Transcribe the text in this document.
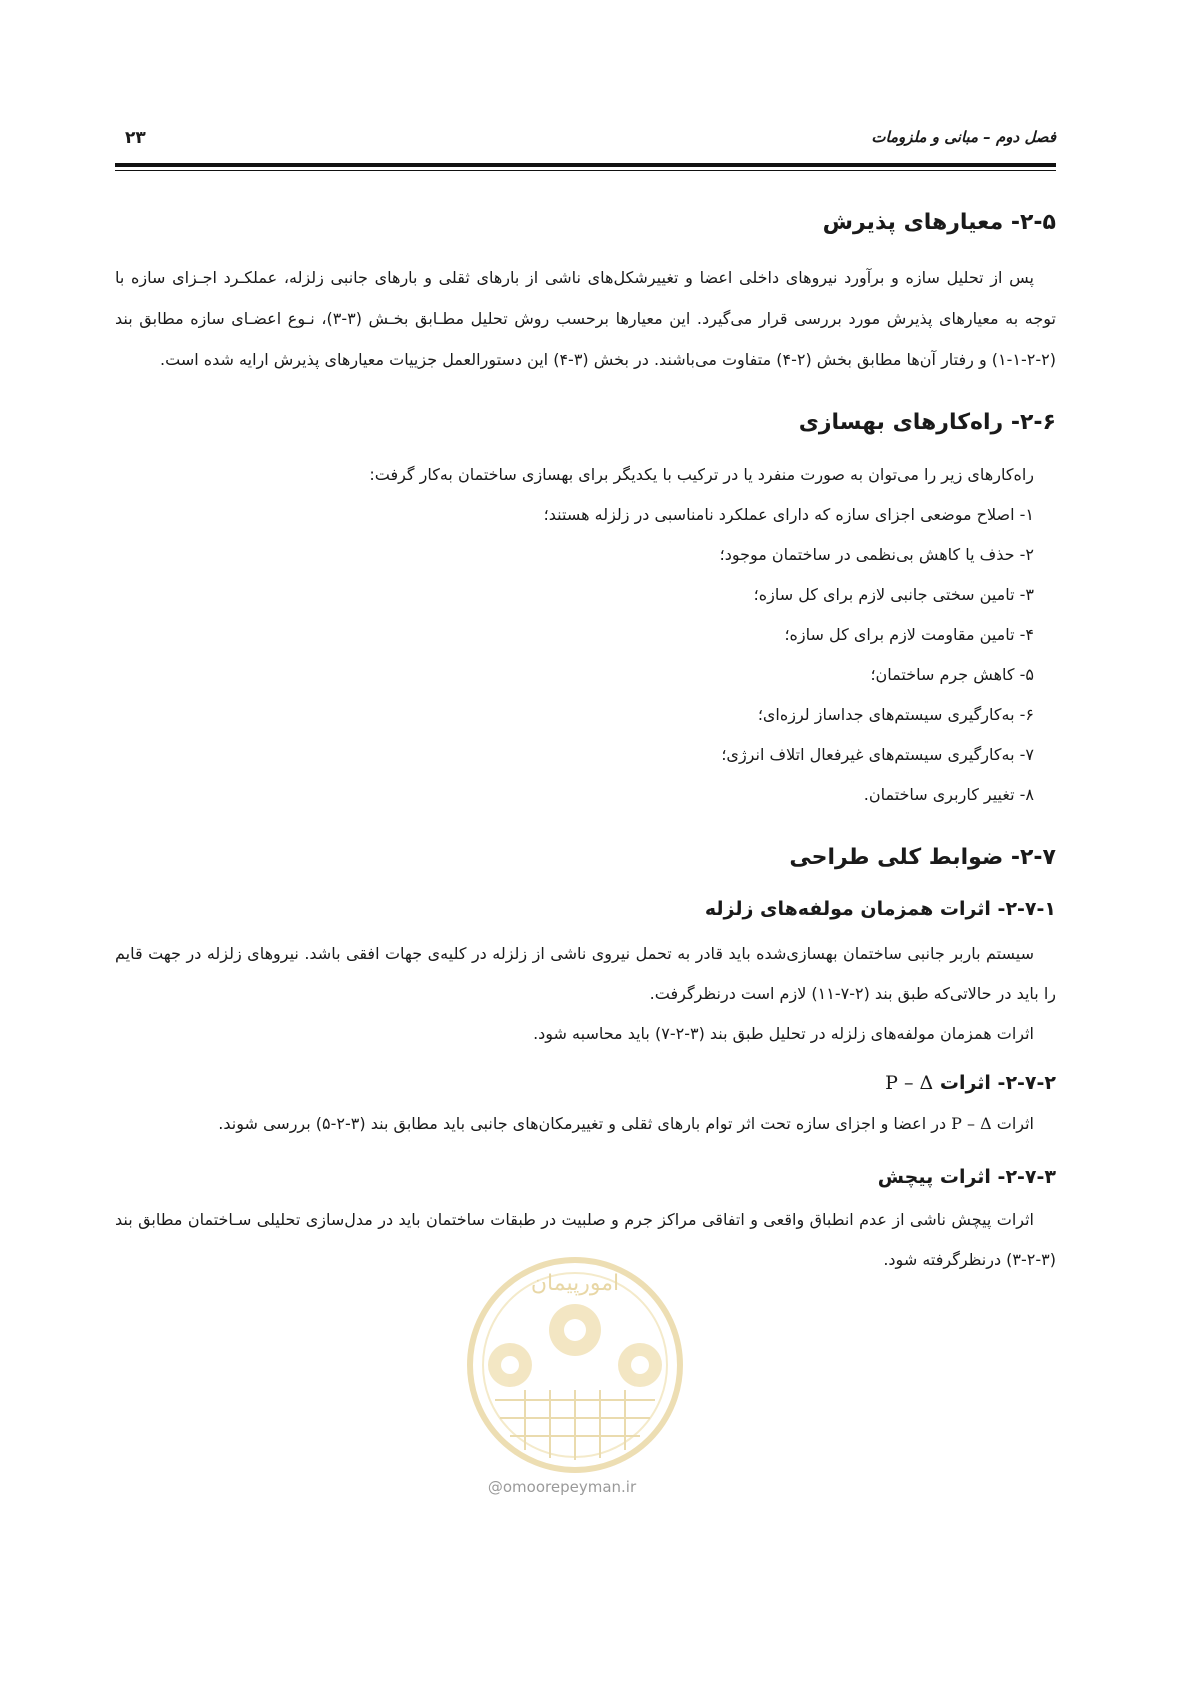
فصل دوم – مبانی و ملزومات
۲۳
۲-۵- معیارهای پذیرش

پس از تحلیل سازه و برآورد نیروهای داخلی اعضا و تغییرشکل‌های ناشی از بارهای ثقلی و بارهای جانبی زلزله، عملکـرد اجـزای سازه با توجه به معیارهای پذیرش مورد بررسی قرار می‌گیرد. این معیارها برحسب روش تحلیل مطـابق بخـش (۳-۳)، نـوع اعضـای سازه مطابق بند (۲-۲-۱-۱) و رفتار آن‌ها مطابق بخش (۲-۴) متفاوت می‌باشند. در بخش (۳-۴) این دستورالعمل جزییات معیارهای پذیرش ارایه شده است.

۲-۶- راه‌کارهای بهسازی
راه‌کارهای زیر را می‌توان به صورت منفرد یا در ترکیب با یکدیگر برای بهسازی ساختمان به‌کار گرفت:
۱- اصلاح موضعی اجزای سازه که دارای عملکرد نامناسبی در زلزله هستند؛
۲- حذف یا کاهش بی‌نظمی در ساختمان موجود؛
۳- تامین سختی جانبی لازم برای کل سازه؛
۴- تامین مقاومت لازم برای کل سازه؛
۵- کاهش جرم ساختمان؛
۶- به‌کارگیری سیستم‌های جداساز لرزه‌ای؛
۷- به‌کارگیری سیستم‌های غیرفعال اتلاف انرژی؛
۸- تغییر کاربری ساختمان.
۲-۷- ضوابط کلی طراحی
۲-۷-۱- اثرات همزمان مولفه‌های زلزله

سیستم باربر جانبی ساختمان بهسازی‌شده باید قادر به تحمل نیروی ناشی از زلزله در کلیه‌ی جهات افقی باشد. نیروهای زلزله در جهت قایم را باید در حالاتی‌که طبق بند (۲-۷-۱۱) لازم است درنظرگرفت.

اثرات همزمان مولفه‌های زلزله در تحلیل طبق بند (۳-۲-۷) باید محاسبه شود.

۲-۷-۲- اثرات P – Δ

اثرات P – Δ در اعضا و اجزای سازه تحت اثر توام بارهای ثقلی و تغییرمکان‌های جانبی باید مطابق بند (۳-۲-۵) بررسی شوند.

۲-۷-۳- اثرات پیچش

اثرات پیچش ناشی از عدم انطباق واقعی و اتفاقی مراکز جرم و صلبیت در طبقات ساختمان باید در مدل‌سازی تحلیلی سـاختمان مطابق بند (۳-۲-۳) درنظرگرفته شود.

امورپیمان
@omoorepeyman.ir
